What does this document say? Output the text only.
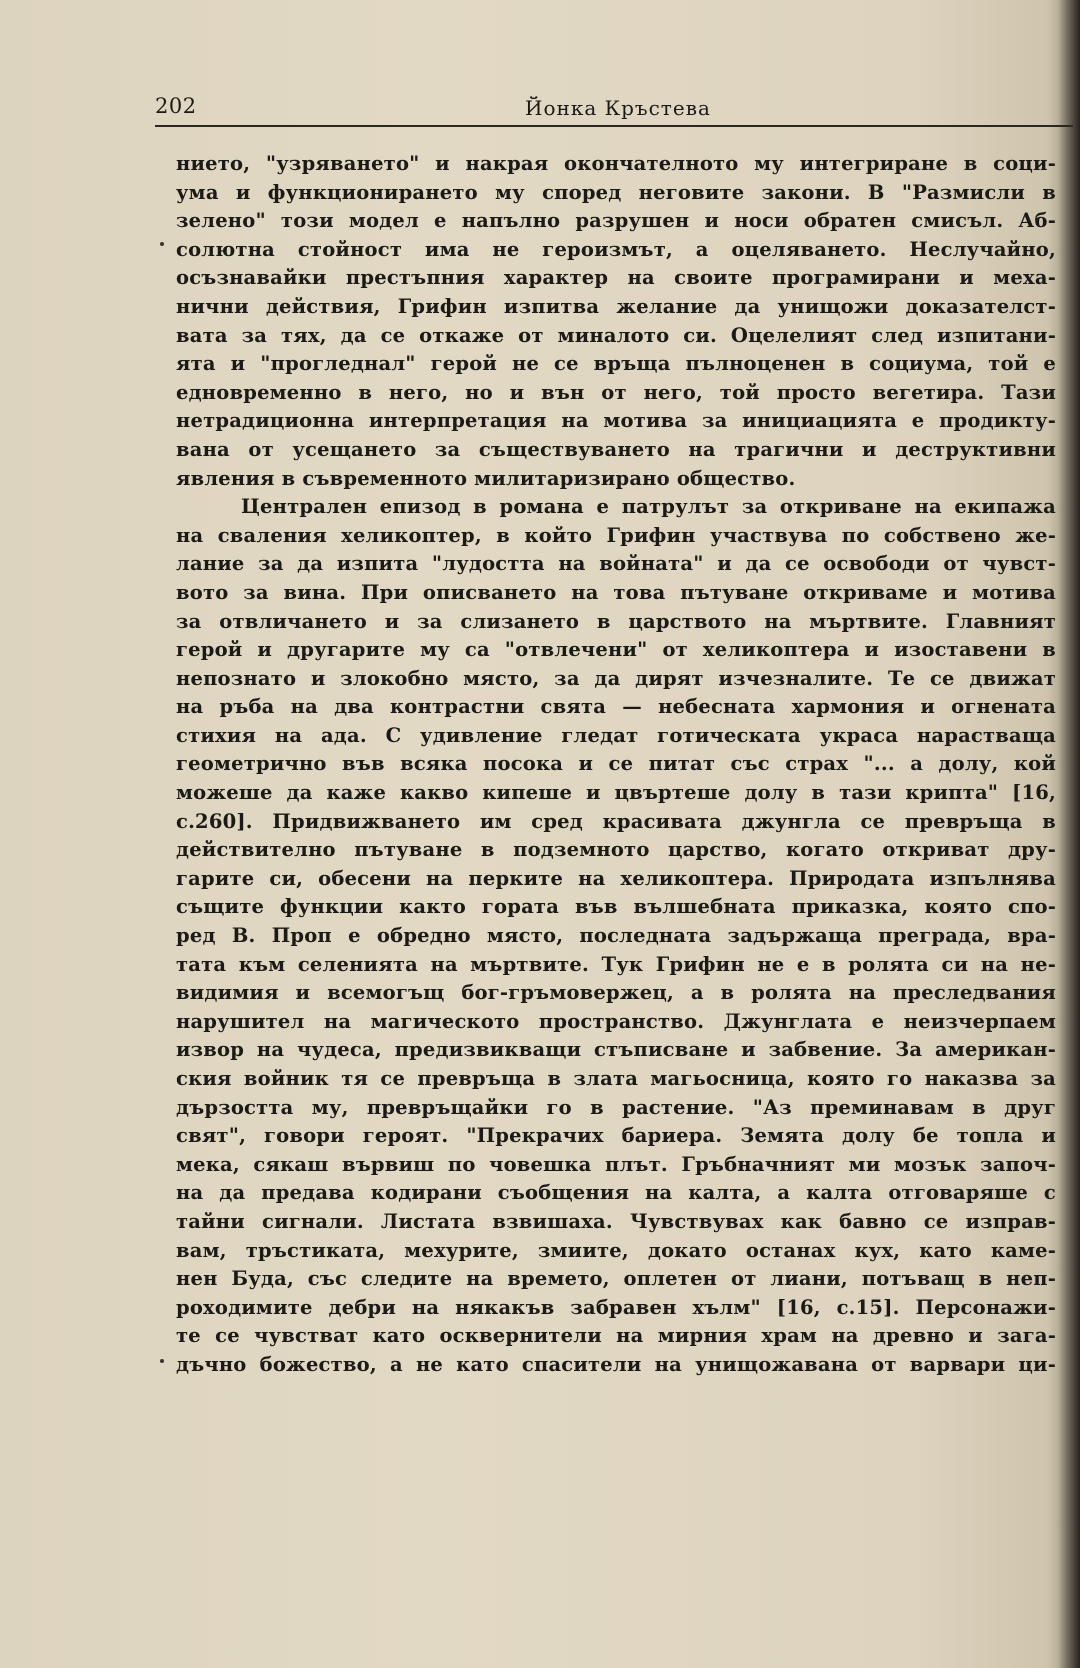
202	Йонка Кръстева
нието, "узряването" и накрая окончателното му интегриране в соци-
ума и функционирането му според неговите закони. В "Размисли в
зелено" този модел е напълно разрушен и носи обратен смисъл. Аб-
солютна стойност има не героизмът, а оцеляването. Неслучайно,
осъзнавайки престъпния характер на своите програмирани и меха-
нични действия, Грифин изпитва желание да унищожи доказателст-
вата за тях, да се откаже от миналото си. Оцелелият след изпитани-
ята и "прогледнал" герой не се връща пълноценен в социума, той е
едновременно в него, но и вън от него, той просто вегетира. Тази
нетрадиционна интерпретация на мотива за инициацията е продикту-
вана от усещането за съществуването на трагични и деструктивни
явления в съвременното милитаризирано общество.
Централен епизод в романа е патрулът за откриване на екипажа
на сваления хеликоптер, в който Грифин участвува по собствено же-
лание за да изпита "лудостта на войната" и да се освободи от чувст-
вото за вина. При описването на това пътуване откриваме и мотива
за отвличането и за слизането в царството на мъртвите. Главният
герой и другарите му са "отвлечени" от хеликоптера и изоставени в
непознато и злокобно място, за да дирят изчезналите. Те се движат
на ръба на два контрастни свята — небесната хармония и огнената
стихия на ада. С удивление гледат готическата украса нарастваща
геометрично във всяка посока и се питат със страх "... а долу, кой
можеше да каже какво кипеше и цвъртеше долу в тази крипта" [16,
с.260]. Придвижването им сред красивата джунгла се превръща в
действително пътуване в подземното царство, когато откриват дру-
гарите си, обесени на перките на хеликоптера. Природата изпълнява
същите функции както гората във вълшебната приказка, която спо-
ред В. Проп е обредно място, последната задържаща преграда, вра-
тата към селенията на мъртвите. Тук Грифин не е в ролята си на не-
видимия и всемогъщ бог-гръмовержец, а в ролята на преследвания
нарушител на магическото пространство. Джунглата е неизчерпаем
извор на чудеса, предизвикващи стъписване и забвение. За американ-
ския войник тя се превръща в злата магьосница, която го наказва за
дързостта му, превръщайки го в растение. "Аз преминавам в друг
свят", говори героят. "Прекрачих бариера. Земята долу бе топла и
мека, сякаш вървиш по човешка плът. Гръбначният ми мозък започ-
на да предава кодирани съобщения на калта, а калта отговаряше с
тайни сигнали. Листата взвишаха. Чувствувах как бавно се изправ-
вам, тръстиката, мехурите, змиите, докато останах кух, като каме-
нен Буда, със следите на времето, оплетен от лиани, потъващ в неп-
роходимите дебри на някакъв забравен хълм" [16, с.15]. Персонажи-
те се чувстват като осквернители на мирния храм на древно и зага-
дъчно божество, а не като спасители на унищожавана от варвари ци-
